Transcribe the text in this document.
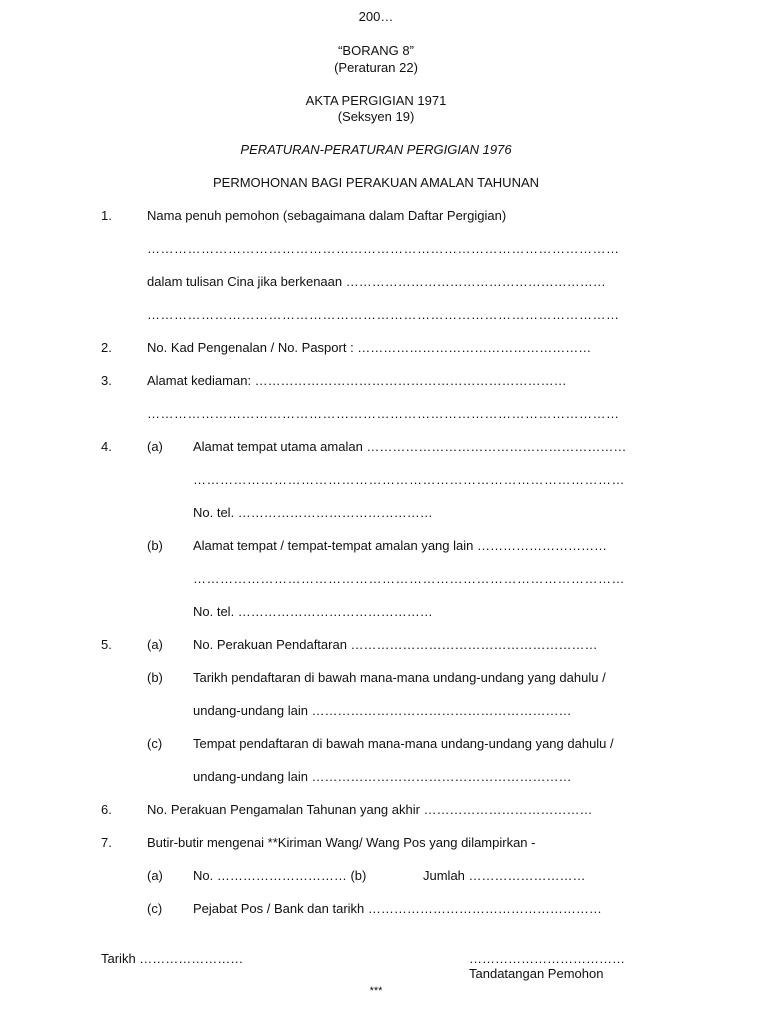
200…
“BORANG 8”
(Peraturan 22)
AKTA PERGIGIAN 1971
(Seksyen 19)
PERATURAN-PERATURAN PERGIGIAN 1976
PERMOHONAN BAGI PERAKUAN AMALAN TAHUNAN
1.	Nama penuh pemohon (sebagaimana dalam Daftar Pergigian)
……………………………………………………………………………………………
dalam tulisan Cina jika berkenaan ……………………………………………………
……………………………………………………………………………………………
2.	No. Kad Pengenalan / No. Pasport : ………………………………………………
3.	Alamat kediaman: ………………………………………………………………
……………………………………………………………………………………………
4.	(a) Alamat tempat utama amalan ……………………………………………………
……………………………………………………………………………………
No. tel. ………………………………………
(b) Alamat tempat / tempat-tempat amalan yang lain …………………………
……………………………………………………………………………………
No. tel. ………………………………………
5.	(a) No. Perakuan Pendaftaran …………………………………………………
(b) Tarikh pendaftaran di bawah mana-mana undang-undang yang dahulu /
undang-undang lain ……………………………………………………
(c) Tempat pendaftaran di bawah mana-mana undang-undang yang dahulu /
undang-undang lain ……………………………………………………
6.	No. Perakuan Pengamalan Tahunan yang akhir …………………………………
7.	Butir-butir mengenai **Kiriman Wang/ Wang Pos yang dilampirkan -
(a) No. ………………………… (b)	Jumlah ………………………
(c) Pejabat Pos / Bank dan tarikh ………………………………………………
Tarikh ……………………	………………………………
Tandatangan Pemohon
***
